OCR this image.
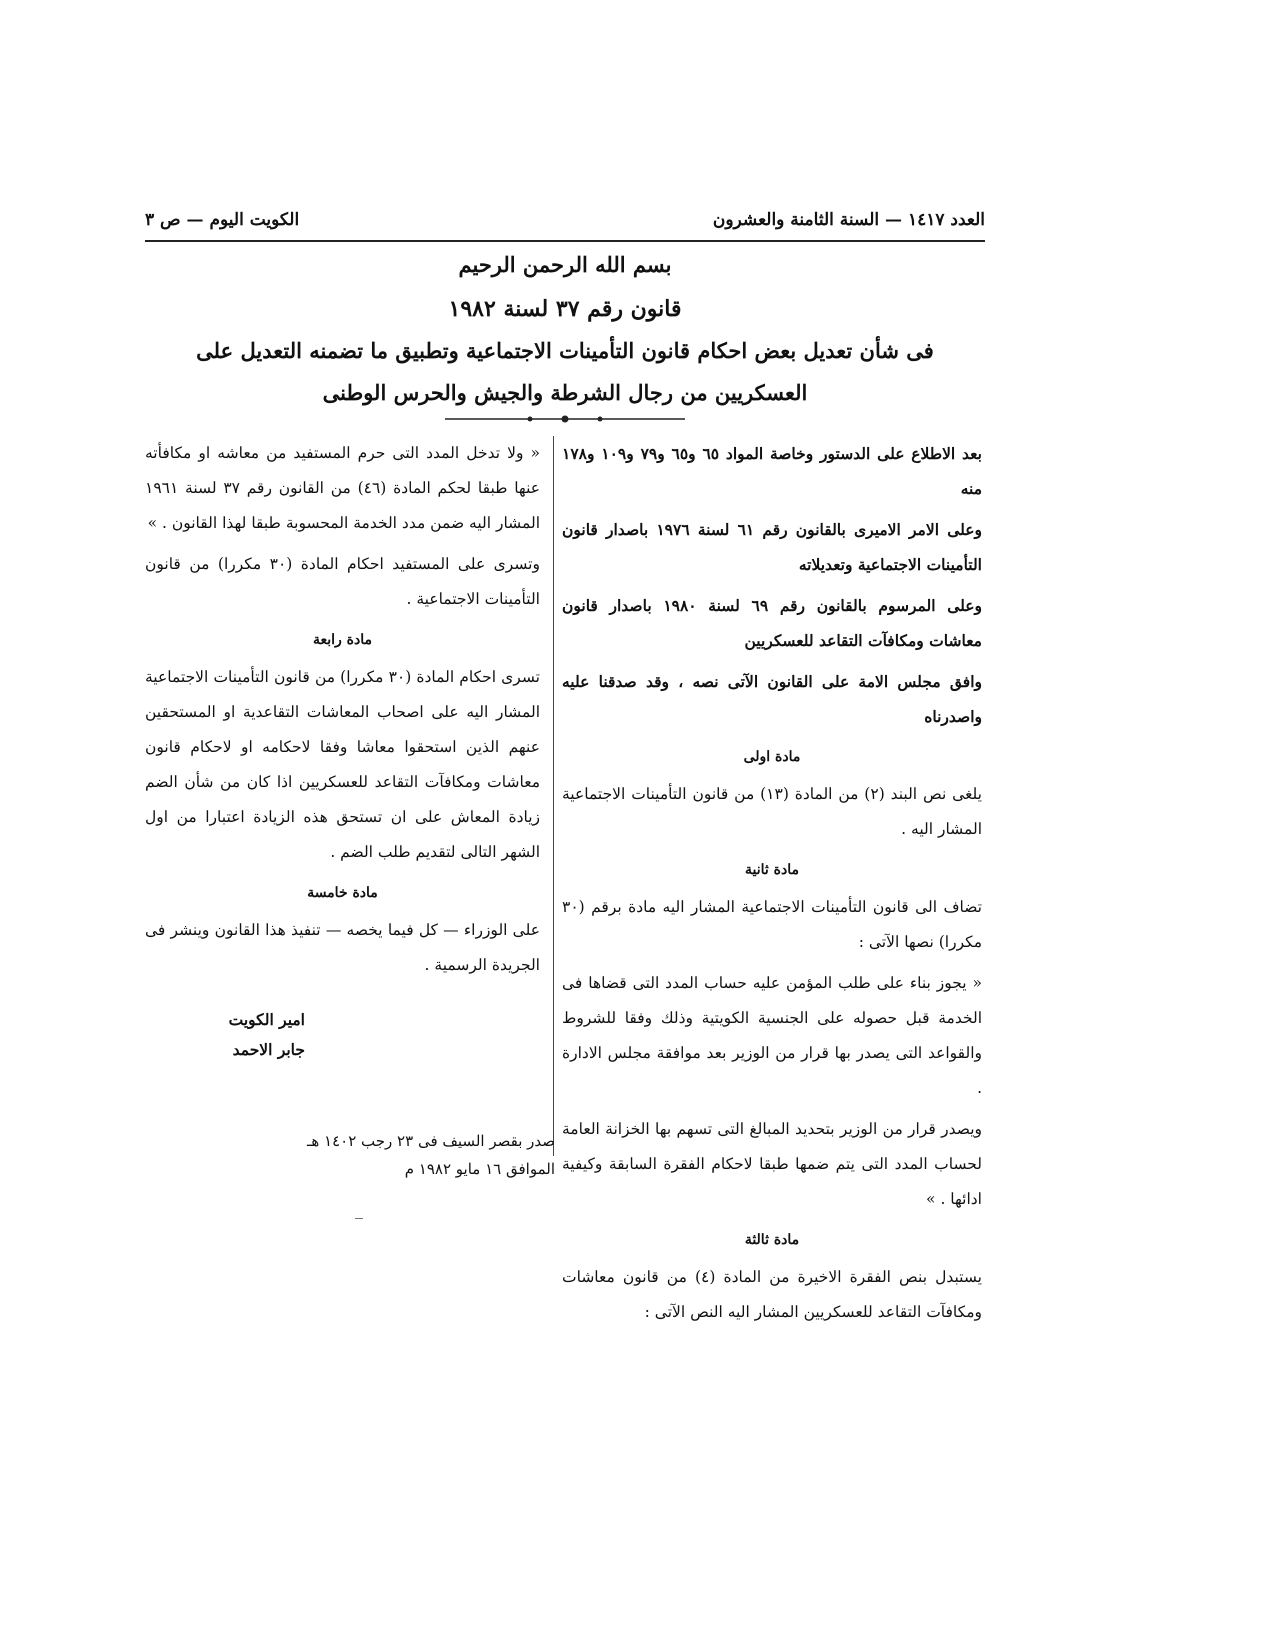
العدد ١٤١٧ — السنة الثامنة والعشرون
الكويت اليوم — ص ٣
بسم الله الرحمن الرحيم
قانون رقم ٣٧ لسنة ١٩٨٢
فى شأن تعديل بعض احكام قانون التأمينات الاجتماعية وتطبيق ما تضمنه التعديل على
العسكريين من رجال الشرطة والجيش والحرس الوطنى

بعد الاطلاع على الدستور وخاصة المواد ٦٥ و٦٥ و٧٩ و١٠٩ و١٧٨ منه

وعلى الامر الاميرى بالقانون رقم ٦١ لسنة ١٩٧٦ باصدار قانون التأمينات الاجتماعية وتعديلاته

وعلى المرسوم بالقانون رقم ٦٩ لسنة ١٩٨٠ باصدار قانون معاشات ومكافآت التقاعد للعسكريين

وافق مجلس الامة على القانون الآتى نصه ، وقد صدقنا عليه واصدرناه

مادة اولى

يلغى نص البند (٢) من المادة (١٣) من قانون التأمينات الاجتماعية المشار اليه .

مادة ثانية

تضاف الى قانون التأمينات الاجتماعية المشار اليه مادة برقم (٣٠ مكررا) نصها الآتى :

« يجوز بناء على طلب المؤمن عليه حساب المدد التى قضاها فى الخدمة قبل حصوله على الجنسية الكويتية وذلك وفقا للشروط والقواعد التى يصدر بها قرار من الوزير بعد موافقة مجلس الادارة .

ويصدر قرار من الوزير بتحديد المبالغ التى تسهم بها الخزانة العامة لحساب المدد التى يتم ضمها طبقا لاحكام الفقرة السابقة وكيفية ادائها . »

مادة ثالثة

يستبدل بنص الفقرة الاخيرة من المادة (٤) من قانون معاشات ومكافآت التقاعد للعسكريين المشار اليه النص الآتى :

« ولا تدخل المدد التى حرم المستفيد من معاشه او مكافأته عنها طبقا لحكم المادة (٤٦) من القانون رقم ٣٧ لسنة ١٩٦١ المشار اليه ضمن مدد الخدمة المحسوبة طبقا لهذا القانون . »

وتسرى على المستفيد احكام المادة (٣٠ مكررا) من قانون التأمينات الاجتماعية .

مادة رابعة

تسرى احكام المادة (٣٠ مكررا) من قانون التأمينات الاجتماعية المشار اليه على اصحاب المعاشات التقاعدية او المستحقين عنهم الذين استحقوا معاشا وفقا لاحكامه او لاحكام قانون معاشات ومكافآت التقاعد للعسكريين اذا كان من شأن الضم زيادة المعاش على ان تستحق هذه الزيادة اعتبارا من اول الشهر التالى لتقديم طلب الضم .

مادة خامسة

على الوزراء — كل فيما يخصه — تنفيذ هذا القانون وينشر فى الجريدة الرسمية .

امير الكويت
جابر الاحمد
صدر بقصر السيف فى ٢٣ رجب ١٤٠٢ هـ
الموافق ١٦ مايو ١٩٨٢ م
